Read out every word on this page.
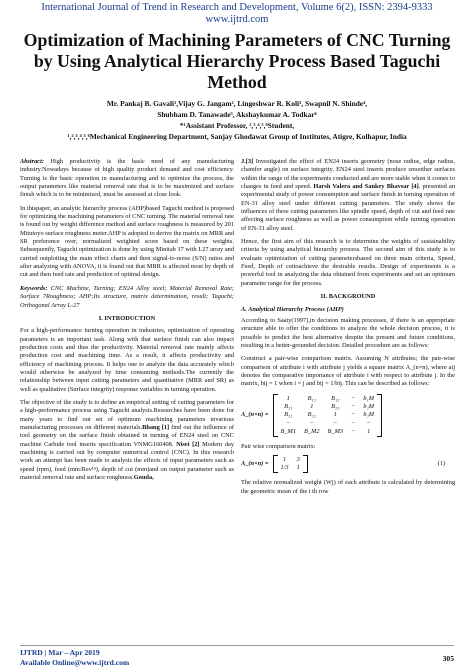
International Journal of Trend in Research and Development, Volume 6(2), ISSN: 2394-9333
www.ijtrd.com
Optimization of Machining Parameters of CNC Turning by Using Analytical Hierarchy Process Based Taguchi Method
Mr. Pankaj B. Gavali¹,Vijay G. Jangam², Lingeshwar R. Koli³, Swapnil N. Shinde⁴,
Shubham D. Tanawade⁵, Akshaykumar A. Todkar⁶
*¹Assistant Professor, ²,³,⁴,⁵,⁶Student,
¹,²,³,⁴,⁵,⁶Mechanical Engineering Department, Sanjay Ghodawat Group of Institutes, Atigre, Kolhapur, India

Abstract: High productivity is the basic need of any manufacturing industry.Nowadays because of high quality product demand and cost efficiency. Turning is the basic operation in manufacturing and to optimize the process, the output parameters like material removal rate that is to be maximized and surface finish which is to be minimized, must be assessed at close look.

In thispaper, an analytic hierarchy process (AHP)based Taguchi method is proposed for optimizing the machining parameters of CNC turning. The material removal rate is found out by weight difference method and surface roughness is measured by 201 Mitutoyo surface roughness meter.AHP is adopted to derive the matrix on MRR and SR preference over, normalized weighted score based on these weights. Subsequently, Taguchi optimization is done by using Minitab 17 with L27 array and carried outplotting the main effect charts and then signal-to-noise (S/N) ratios and after analyzing with ANOVA, it is found out that MRR is affected most by depth of cut and then feed rate and prediction of optimal design.

Keywords: CNC Machine, Turning; EN24 Alloy steel; Material Removal Rate; Surface 7Roughness; AHP;Its structure, matrix determination, result; Taguchi; Orthogonal Array L-27

I. INTRODUCTION

For a high-performance turning operation in industries, optimization of operating parameters is an important task. Along with that surface finish can also impact production costs and thus the productivity. Material removal rate mainly affects production cost and machining time. As a result, it affects productivity and efficiency of machining process. It helps one to analyze the data accurately which would otherwise be analyzed by time consuming methods.The currently the relationship between input cutting parameters and quantitative (MRR and SR) as well as qualitative (Surface integrity) response variables in turning operation.

The objective of the study is to define an empirical setting of cutting parameters for a high-performance process using Taguchi analysis.Researches have been done for many years to find out set of optimum machining parameters invarious manufacturing processes on different materials.Bhang [1] find out the influence of tool geometry on the surface finish obtained in turning of EN24 steel on CNC machine Carbide tool inserts specification VNMG160408. Nisei [2] Modern day machining is carried out by computer numerical control (CNC). In this research work an attempt has been made to analysis the effects of input parameters such as speed (rpm), feed (mm/Rev¹ⁿ), depth of cut (mm)and on output parameter such as material removal rate and surface roughness.Gouda,

J.[3] Investigated the effect of EN24 inserts geometry (nose radius, edge radius, chamfer angle) on surface integrity. EN24 steel inserts produce smoother surfaces within the range of the experiments conducted and are more stable when it comes to changes in feed and speed. Harsh Valera and Sankey Bhavsar [4]. presented an experimental study of power consumption and surface finish in turning operation of EN-31 alloy steel under different cutting parameters. The study shows the influences of three cutting parameters like spindle speed, depth of cut and feed rate affecting surface roughness as well as power consumption while turning operation of EN-31 alloy steel.

Hence, the first aim of this research is to determine the weights of sustainability criteria by using analytical hierarchy process. The second aim of this study is to evaluate optimization of cutting parametersbased on three main criteria, Speed, Feed, Depth of cuttoachieve the desirable results. Design of experiments is a powerful tool in analyzing the data obtained from experiments and set an optimum parameter range for the process.

II. BACKGROUND
A. Analytical Hierarchy Process (AHP)

According to Saaty(1997),in decision making processes, if there is an appropriate structure able to offer the conditions to analyze the whole decision process, it is possible to predict the best alternative despite the present and future conditions, resulting in a better-grounded decision. Detailed procedure are as follows:

Construct a pair-wise comparison matrix. Assuming N attributes; the pair-wise comparison of attribute i with attribute j yields a square matrix A_(n×n), where aij denotes the comparative importance of attribute i with respect to attribute j. In the matrix, bij = 1 when i = j and bij = 1/bij. This can be described as follows:

A_(n×n) =
1	B₁₂	B₁₃	− b₁M
B₂₁	1	B₂₃	− b₂M
B₃₁	B₃₂	1	− b₃M
−	−	−	−	−
B_M1 B_M2 B_M3 −	1

Pair wise comparison matrix:

A_(n×n) =
1	3
1/3 1
(1)

The relative normalized weight (Wj) of each attribute is calculated by determining the geometric mean of the i th row

IJTRD | Mar – Apr 2019
Available Online@www.ijtrd.com	305
